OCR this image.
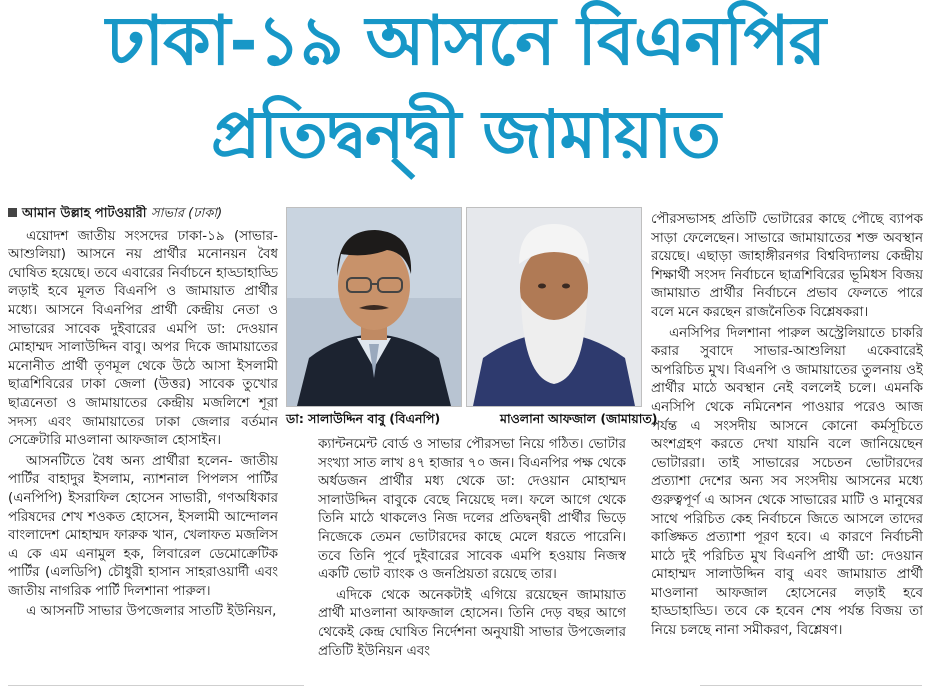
ঢাকা-১৯ আসনে বিএনপির
প্রতিদ্বন্দ্বী জামায়াত
আমান উল্লাহ পাটওয়ারী সাভার (ঢাকা)

এয়োদশ জাতীয় সংসদের ঢাকা-১৯ (সাভার-আশুলিয়া) আসনে নয় প্রার্থীর মনোনয়ন বৈধ ঘোষিত হয়েছে। তবে এবারের নির্বাচনে হাড্ডাহাড্ডি লড়াই হবে মূলত বিএনপি ও জামায়াত প্রার্থীর মধ্যে। আসনে বিএনপির প্রার্থী কেন্দ্রীয় নেতা ও সাভারের সাবেক দুইবারের এমপি ডা: দেওয়ান মোহাম্মদ সালাউদ্দিন বাবু। অপর দিকে জামায়াতের মনোনীত প্রার্থী তৃণমূল থেকে উঠে আসা ইসলামী ছাত্রশিবিরের ঢাকা জেলা (উত্তর) সাবেক তুখোর ছাত্রনেতা ও জামায়াতের কেন্দ্রীয় মজলিশে শূরা সদস্য এবং জামায়াতের ঢাকা জেলার বর্তমান সেক্রেটারি মাওলানা আফজাল হোসাইন।

আসনটিতে বৈধ অন্য প্রার্থীরা হলেন- জাতীয় পার্টির বাহাদুর ইসলাম, ন্যাশনাল পিপলস পার্টির (এনপিপি) ইসরাফিল হোসেন সাভারী, গণঅধিকার পরিষদের শেখ শওকত হোসেন, ইসলামী আন্দোলন বাংলাদেশ মোহাম্মদ ফারুক খান, খেলাফত মজলিস এ কে এম এনামুল হক, লিবারেল ডেমোক্রেটিক পার্টির (এলডিপি) চৌধুরী হাসান সাহরাওয়ার্দী এবং জাতীয় নাগরিক পার্টি দিলশানা পারুল।

এ আসনটি সাভার উপজেলার সাতটি ইউনিয়ন,

ডা: সালাউদ্দিন বাবু (বিএনপি)	মাওলানা আফজাল (জামায়াত)

ক্যান্টনমেন্ট বোর্ড ও সাভার পৌরসভা নিয়ে গঠিত। ভোটার সংখ্যা সাত লাখ ৪৭ হাজার ৭০ জন। বিএনপির পক্ষ থেকে অর্ধডজন প্রার্থীর মধ্য থেকে ডা: দেওয়ান মোহাম্মদ সালাউদ্দিন বাবুকে বেছে নিয়েছে দল। ফলে আগে থেকে তিনি মাঠে থাকলেও নিজ দলের প্রতিদ্বন্দ্বী প্রার্থীর ভিড়ে নিজেকে তেমন ভোটারদের কাছে মেলে ধরতে পারেনি। তবে তিনি পূর্বে দুইবারের সাবেক এমপি হওয়ায় নিজস্ব একটি ভোট ব্যাংক ও জনপ্রিয়তা রয়েছে তার।

এদিকে থেকে অনেকটাই এগিয়ে রয়েছেন জামায়াত প্রার্থী মাওলানা আফজাল হোসেন। তিনি দেড় বছর আগে থেকেই কেন্দ্র ঘোষিত নির্দেশনা অনুযায়ী সাভার উপজেলার প্রতিটি ইউনিয়ন এবং

পৌরসভাসহ প্রতিটি ভোটারের কাছে পৌছে ব্যাপক সাড়া ফেলেছেন। সাভারে জামায়াতের শক্ত অবস্থান রয়েছে। এছাড়া জাহাঙ্গীরনগর বিশ্ববিদ্যালয় কেন্দ্রীয় শিক্ষার্থী সংসদ নির্বাচনে ছাত্রশিবিরের ভূমিধস বিজয় জামায়াত প্রার্থীর নির্বাচনে প্রভাব ফেলতে পারে বলে মনে করছেন রাজনৈতিক বিশ্লেষকরা।

এনসিপির দিলশানা পারুল অস্ট্রেলিয়াতে চাকরি করার সুবাদে সাভার-আশুলিয়া একেবারেই অপরিচিত মুখ। বিএনপি ও জামায়াতের তুলনায় ওই প্রার্থীর মাঠে অবস্থান নেই বললেই চলে। এমনকি এনসিপি থেকে নমিনেশন পাওয়ার পরেও আজ পর্যন্ত এ সংসদীয় আসনে কোনো কর্মসূচিতে অংশগ্রহণ করতে দেখা যায়নি বলে জানিয়েছেন ভোটাররা। তাই সাভারের সচেতন ভোটারদের প্রত্যাশা দেশের অন্য সব সংসদীয় আসনের মধ্যে গুরুত্বপূর্ণ এ আসন থেকে সাভারের মাটি ও মানুষের সাথে পরিচিত কেহ নির্বাচনে জিতে আসলে তাদের কাঙ্ক্ষিত প্রত্যাশা পূরণ হবে। এ কারণে নির্বাচনী মাঠে দুই পরিচিত মুখ বিএনপি প্রার্থী ডা: দেওয়ান মোহাম্মদ সালাউদ্দিন বাবু এবং জামায়াত প্রার্থী মাওলানা আফজাল হোসেনের লড়াই হবে হাড্ডাহাড্ডি। তবে কে হবেন শেষ পর্যন্ত বিজয় তা নিয়ে চলছে নানা সমীকরণ, বিশ্লেষণ।
